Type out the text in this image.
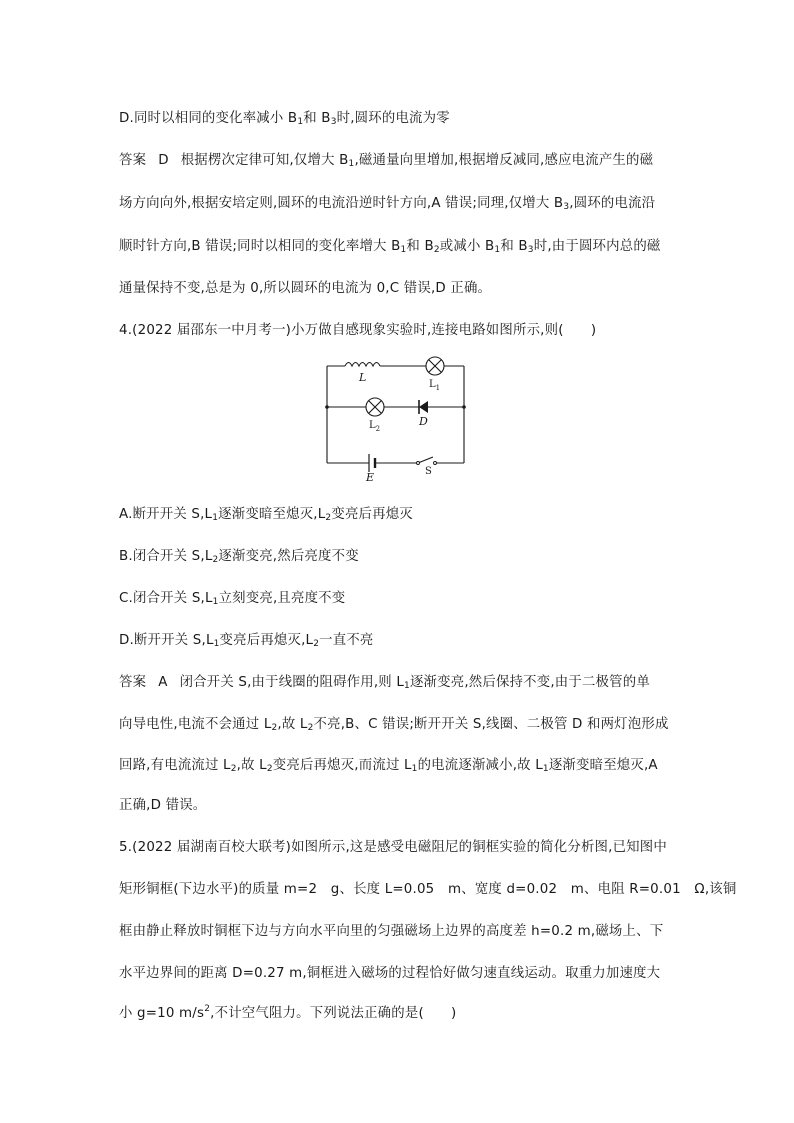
D.同时以相同的变化率减小 $B_1$和 $B_3$时,圆环的电流为零
答案 D 根据楞次定律可知,仅增大 $B_1$,磁通量向里增加,根据增反减同,感应电流产生的磁
场方向向外,根据安培定则,圆环的电流沿逆时针方向,A 错误;同理,仅增大 $B_3$,圆环的电流沿
顺时针方向,B 错误;同时以相同的变化率增大 $B_1$和 $B_2$或减小 $B_1$和 $B_3$时,由于圆环内总的磁
通量保持不变,总是为 0,所以圆环的电流为 0,C 错误,D 正确。
4.(2022 届邵东一中月考一)小万做自感现象实验时,连接电路如图所示,则(　　)
L
$L_1$
$L_2$
D
E	S
A.断开开关 $S,L_1$逐渐变暗至熄灭$,L_2$变亮后再熄灭
B.闭合开关 $S,L_2$逐渐变亮,然后亮度不变
C.闭合开关 $S,L_1$立刻变亮,且亮度不变
D.断开开关 $S,L_1$变亮后再熄灭$,L_2$一直不亮
答案 A 闭合开关 S,由于线圈的阻碍作用,则 $L_1$逐渐变亮,然后保持不变,由于二极管的单
向导电性,电流不会通过 $L_2$,故 $L_2$不亮,B、C 错误;断开开关 S,线圈、二极管 D 和两灯泡形成
回路,有电流流过 $L_2$,故 $L_2$变亮后再熄灭,而流过 $L_1$的电流逐渐减小,故 $L_1$逐渐变暗至熄灭,A
正确,D 错误。
5.(2022 届湖南百校大联考)如图所示,这是感受电磁阻尼的铜框实验的简化分析图,已知图中
矩形铜框(下边水平)的质量 m=2　g、长度 L=0.05　m、宽度 d=0.02　m、电阻 R=0.01　Ω,该铜
框由静止释放时铜框下边与方向水平向里的匀强磁场上边界的高度差 h=0.2 m,磁场上、下
水平边界间的距离 D=0.27 m,铜框进入磁场的过程恰好做匀速直线运动。取重力加速度大
小 g=10 $m/s^2$,不计空气阻力。下列说法正确的是(　　)
